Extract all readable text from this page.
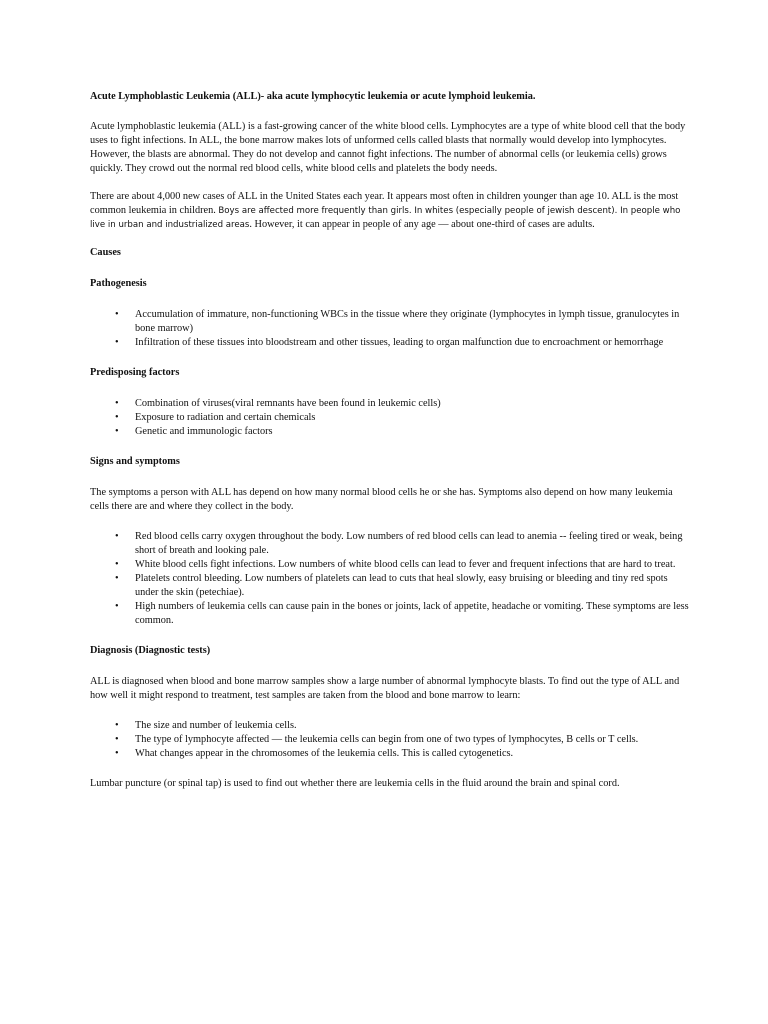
Acute Lymphoblastic Leukemia (ALL)- aka acute lymphocytic leukemia or acute lymphoid leukemia.

Acute lymphoblastic leukemia (ALL) is a fast-growing cancer of the white blood cells. Lymphocytes are a type of white blood cell that the body uses to fight infections. In ALL, the bone marrow makes lots of unformed cells called blasts that normally would develop into lymphocytes. However, the blasts are abnormal. They do not develop and cannot fight infections. The number of abnormal cells (or leukemia cells) grows quickly. They crowd out the normal red blood cells, white blood cells and platelets the body needs.

There are about 4,000 new cases of ALL in the United States each year. It appears most often in children younger than age 10. ALL is the most common leukemia in children. Boys are affected more frequently than girls. In whites (especially people of jewish descent). In people who live in urban and industrialized areas. However, it can appear in people of any age — about one-third of cases are adults.

Causes

Pathogenesis

• Accumulation of immature, non-functioning WBCs in the tissue where they originate (lymphocytes in lymph tissue, granulocytes in bone marrow)
• Infiltration of these tissues into bloodstream and other tissues, leading to organ malfunction due to encroachment or hemorrhage

Predisposing factors

• Combination of viruses(viral remnants have been found in leukemic cells)
• Exposure to radiation and certain chemicals
• Genetic and immunologic factors

Signs and symptoms

The symptoms a person with ALL has depend on how many normal blood cells he or she has. Symptoms also depend on how many leukemia cells there are and where they collect in the body.

• Red blood cells carry oxygen throughout the body. Low numbers of red blood cells can lead to anemia -- feeling tired or weak, being short of breath and looking pale.
• White blood cells fight infections. Low numbers of white blood cells can lead to fever and frequent infections that are hard to treat.
• Platelets control bleeding. Low numbers of platelets can lead to cuts that heal slowly, easy bruising or bleeding and tiny red spots under the skin (petechiae).
• High numbers of leukemia cells can cause pain in the bones or joints, lack of appetite, headache or vomiting. These symptoms are less common.

Diagnosis (Diagnostic tests)

ALL is diagnosed when blood and bone marrow samples show a large number of abnormal lymphocyte blasts. To find out the type of ALL and how well it might respond to treatment, test samples are taken from the blood and bone marrow to learn:

• The size and number of leukemia cells.
• The type of lymphocyte affected — the leukemia cells can begin from one of two types of lymphocytes, B cells or T cells.
• What changes appear in the chromosomes of the leukemia cells. This is called cytogenetics.

Lumbar puncture (or spinal tap) is used to find out whether there are leukemia cells in the fluid around the brain and spinal cord.
